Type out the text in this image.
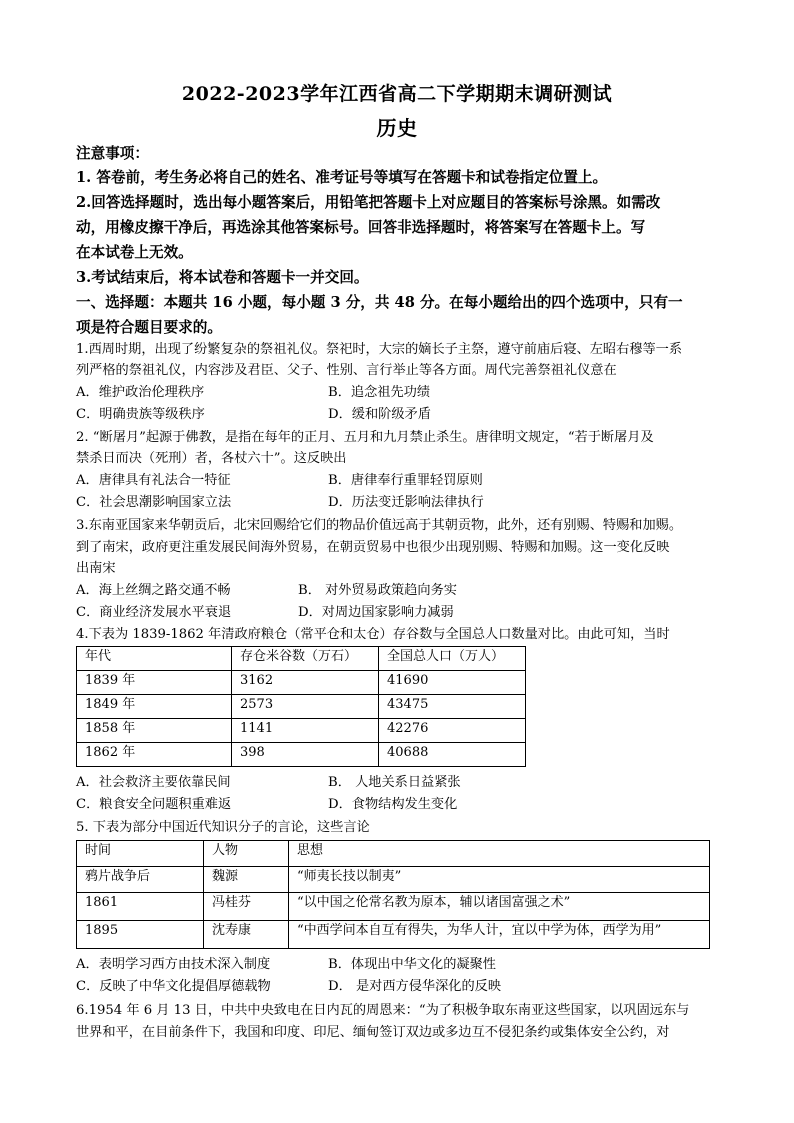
2022-2023学年江西省高二下学期期末调研测试
历史
注意事项：
1. 答卷前，考生务必将自己的姓名、准考证号等填写在答题卡和试卷指定位置上。
2.回答选择题时，选出每小题答案后，用铅笔把答题卡上对应题目的答案标号涂黑。如需改
动，用橡皮擦干净后，再选涂其他答案标号。回答非选择题时，将答案写在答题卡上。写
在本试卷上无效。
3.考试结束后，将本试卷和答题卡一并交回。
一、选择题：本题共 16 小题，每小题 3 分，共 48 分。在每小题给出的四个选项中，只有一
项是符合题目要求的。
1.西周时期，出现了纷繁复杂的祭祖礼仪。祭祀时，大宗的嫡长子主祭，遵守前庙后寝、左昭右穆等一系
列严格的祭祖礼仪，内容涉及君臣、父子、性别、言行举止等各方面。周代完善祭祖礼仪意在
A．维护政治伦理秩序	B．追念祖先功绩
C．明确贵族等级秩序	D．缓和阶级矛盾
2. “断屠月”起源于佛教，是指在每年的正月、五月和九月禁止杀生。唐律明文规定，“若于断屠月及
禁杀日而决（死刑）者，各杖六十”。这反映出
A．唐律具有礼法合一特征	B．唐律奉行重罪轻罚原则
C．社会思潮影响国家立法	D．历法变迁影响法律执行
3.东南亚国家来华朝贡后，北宋回赐给它们的物品价值远高于其朝贡物，此外，还有别赐、特赐和加赐。
到了南宋，政府更注重发展民间海外贸易，在朝贡贸易中也很少出现别赐、特赐和加赐。这一变化反映
出南宋
A．海上丝绸之路交通不畅	B． 对外贸易政策趋向务实
C．商业经济发展水平衰退	D．对周边国家影响力减弱
4.下表为 1839-1862 年清政府粮仓（常平仓和太仓）存谷数与全国总人口数量对比。由此可知，当时
年代	存仓米谷数（万石）	全国总人口（万人）
1839 年	3162	41690
1849 年	2573	43475
1858 年	1141	42276
1862 年	398	40688
A．社会救济主要依靠民间	B． 人地关系日益紧张
C．粮食安全问题积重难返	D．食物结构发生变化
5. 下表为部分中国近代知识分子的言论，这些言论
时间	人物	思想
鸦片战争后	魏源	“师夷长技以制夷”
1861	冯桂芬	“以中国之伦常名教为原本，辅以诸国富强之术”
1895	沈寿康	“中西学问本自互有得失，为华人计，宜以中学为体，西学为用”
A．表明学习西方由技术深入制度	B．体现出中华文化的凝聚性
C．反映了中华文化提倡厚德载物	D． 是对西方侵华深化的反映
6.1954 年 6 月 13 日，中共中央致电在日内瓦的周恩来：“为了积极争取东南亚这些国家，以巩固远东与
世界和平，在目前条件下，我国和印度、印尼、缅甸签订双边或多边互不侵犯条约或集体安全公约，对
